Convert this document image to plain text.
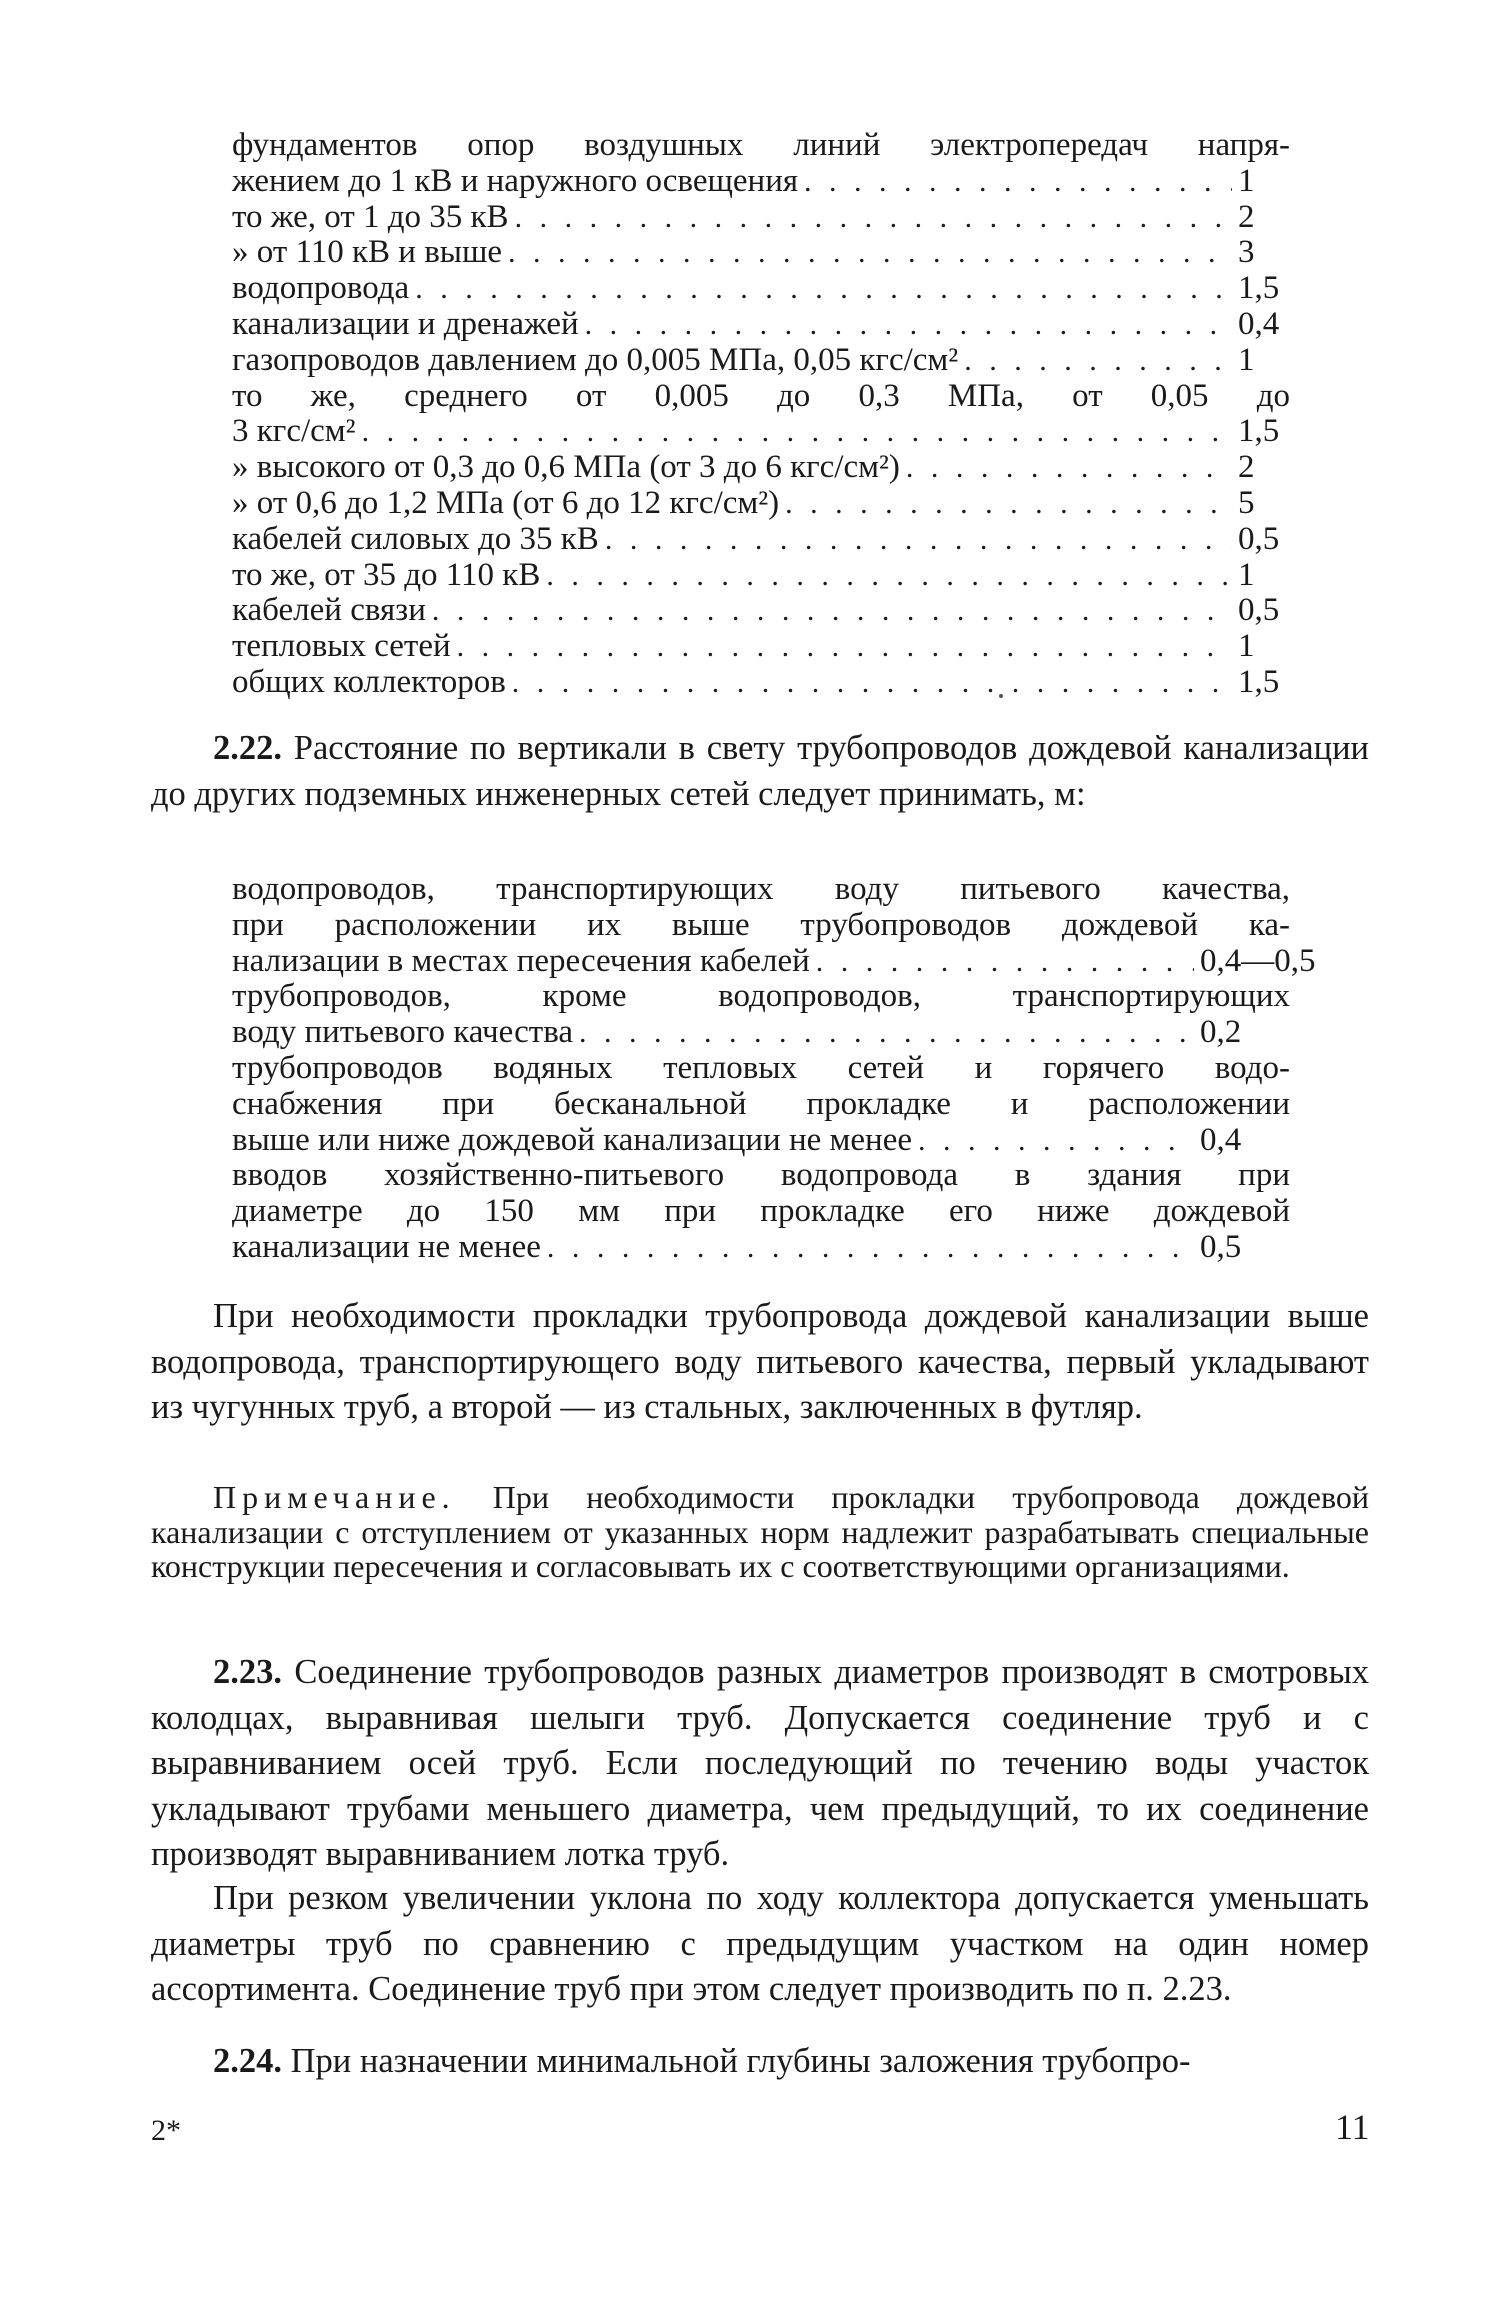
фундаментов опор воздушных линий электропередач напря-
жением до 1 кВ и наружного освещения . . .	1
то же, от 1 до 35 кВ . . .	2
» от 110 кВ и выше . . .	3
водопровода . . .	1,5
канализации и дренажей . . .	0,4
газопроводов давлением до 0,005 МПа, 0,05 кгс/см² . . .	1
то же, среднего от 0,005 до 0,3 МПа, от 0,05 до
3 кгс/см² . . .	1,5
» высокого от 0,3 до 0,6 МПа (от 3 до 6 кгс/см²) . . .	2
» от 0,6 до 1,2 МПа (от 6 до 12 кгс/см²) . . .	5
кабелей силовых до 35 кВ . . .	0,5
то же, от 35 до 110 кВ . . .	1
кабелей связи . . .	0,5
тепловых сетей . . .	1
общих коллекторов . . .	1,5

2.22. Расстояние по вертикали в свету трубопроводов дождевой канализации до других подземных инженерных сетей следует принимать, м:

водопроводов, транспортирующих воду питьевого качества,
при расположении их выше трубопроводов дождевой ка-
нализации в местах пересечения кабелей . . .	0,4—0,5
трубопроводов, кроме водопроводов, транспортирующих
воду питьевого качества . . .	0,2
трубопроводов водяных тепловых сетей и горячего водо-
снабжения при бесканальной прокладке и расположении
выше или ниже дождевой канализации не менее . . .	0,4
вводов хозяйственно-питьевого водопровода в здания при
диаметре до 150 мм при прокладке его ниже дождевой
канализации не менее . . .	0,5

При необходимости прокладки трубопровода дождевой канализации выше водопровода, транспортирующего воду питьевого качества, первый укладывают из чугунных труб, а второй — из стальных, заключенных в футляр.

Примечание. При необходимости прокладки трубопровода дождевой канализации с отступлением от указанных норм надлежит разрабатывать специальные конструкции пересечения и согласовывать их с соответствующими организациями.

2.23. Соединение трубопроводов разных диаметров производят в смотровых колодцах, выравнивая шелыги труб. Допускается соединение труб и с выравниванием осей труб. Если последующий по течению воды участок укладывают трубами меньшего диаметра, чем предыдущий, то их соединение производят выравниванием лотка труб.

При резком увеличении уклона по ходу коллектора допускается уменьшать диаметры труб по сравнению с предыдущим участком на один номер ассортимента. Соединение труб при этом следует производить по п. 2.23.

2.24. При назначении минимальной глубины заложения трубопро-

2*	11
